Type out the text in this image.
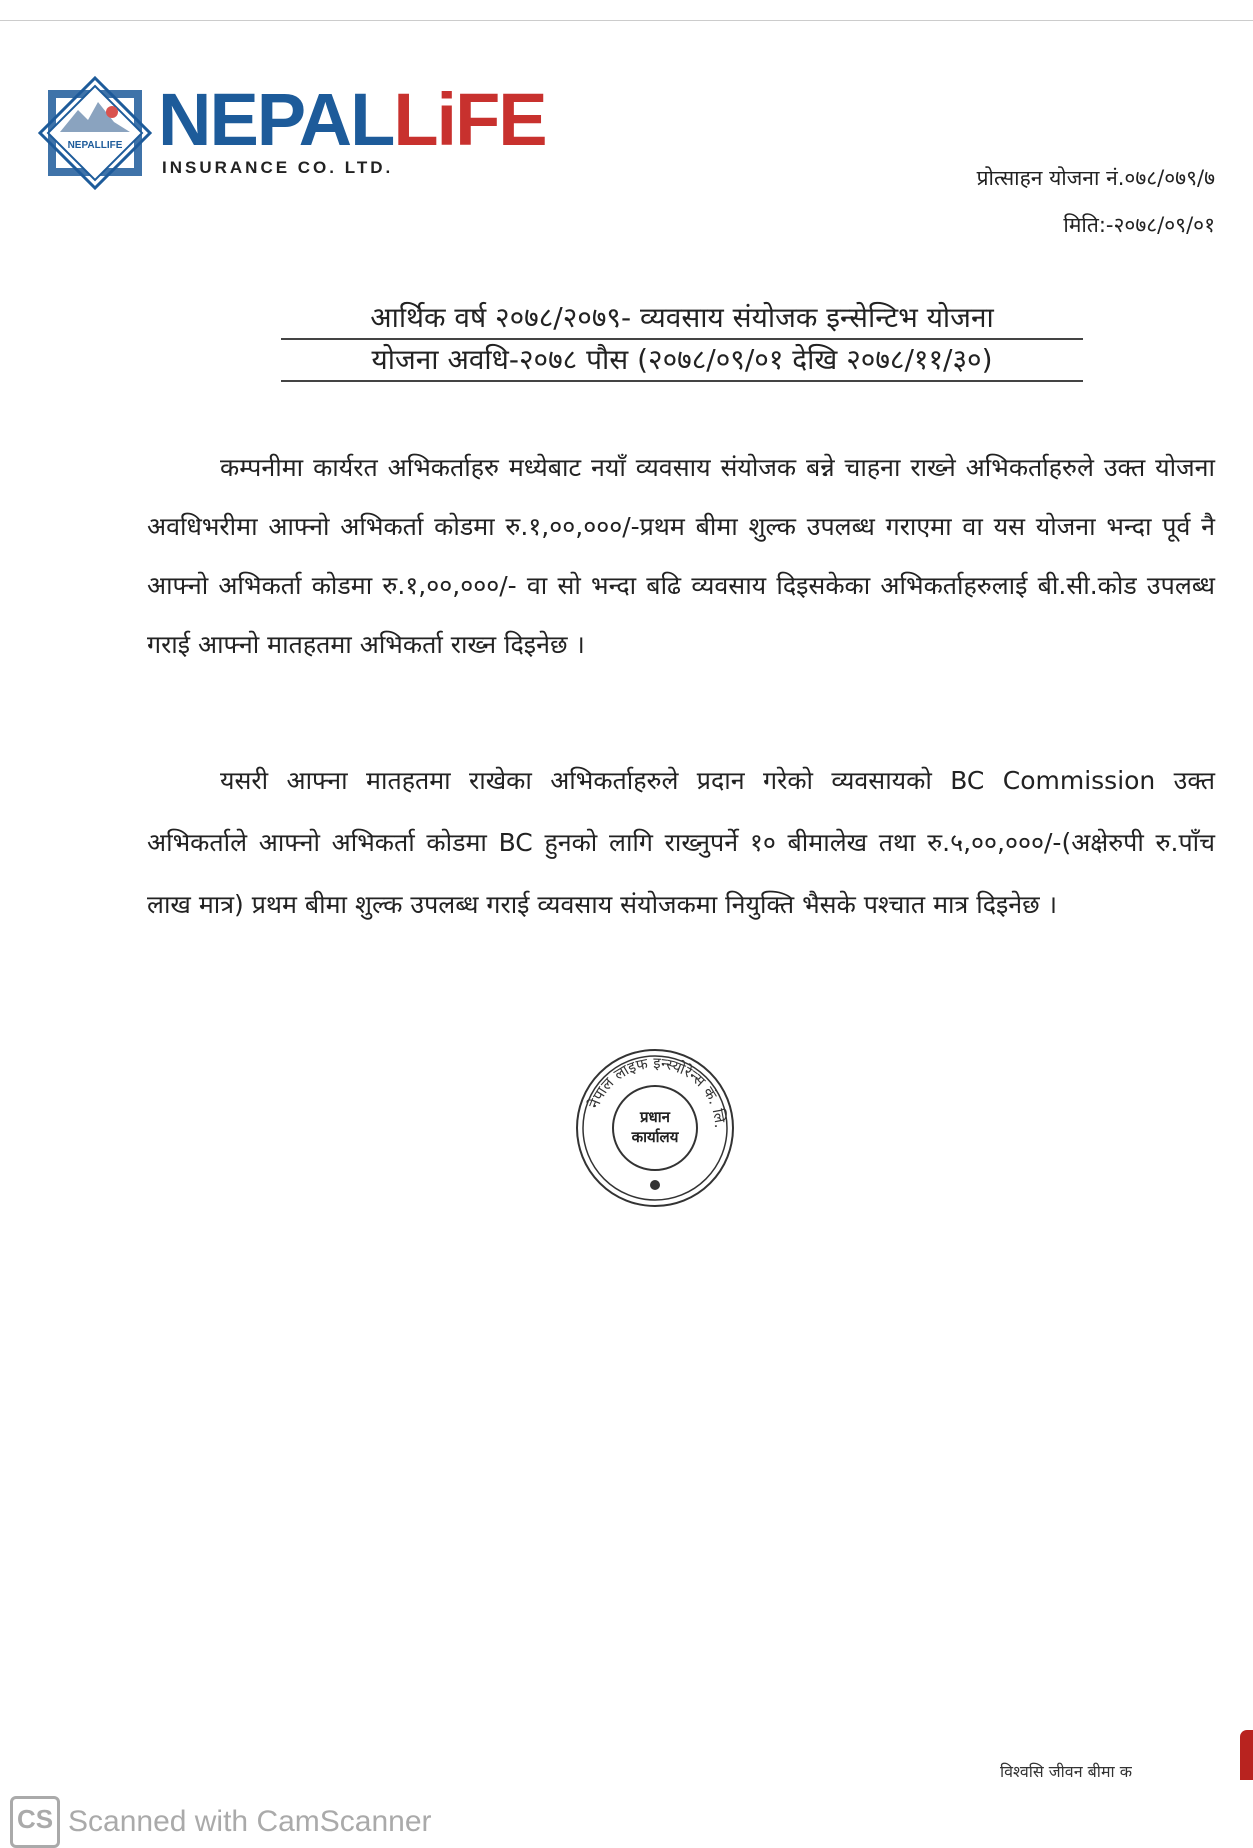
NEPALLIFE NEPALLiFE
INSURANCE CO. LTD.	प्रोत्साहन योजना नं.०७८/०७९/७
मिति:-२०७८/०९/०१
आर्थिक वर्ष २०७८/२०७९- व्यवसाय संयोजक इन्सेन्टिभ योजना
योजना अवधि-२०७८ पौस (२०७८/०९/०१ देखि २०७८/११/३०)
कम्पनीमा कार्यरत अभिकर्ताहरु मध्येबाट नयाँ व्यवसाय संयोजक बन्ने चाहना राख्ने अभिकर्ताहरुले उक्त योजना अवधिभरीमा आफ्नो अभिकर्ता कोडमा रु.१,००,०००/-प्रथम बीमा शुल्क उपलब्ध गराएमा वा यस योजना भन्दा पूर्व नै आफ्नो अभिकर्ता कोडमा रु.१,००,०००/- वा सो भन्दा बढि व्यवसाय दिइसकेका अभिकर्ताहरुलाई बी.सी.कोड उपलब्ध गराई आफ्नो मातहतमा अभिकर्ता राख्न दिइनेछ ।
यसरी आफ्ना मातहतमा राखेका अभिकर्ताहरुले प्रदान गरेको व्यवसायको BC Commission उक्त अभिकर्ताले आफ्नो अभिकर्ता कोडमा BC हुनको लागि राख्नुपर्ने १० बीमालेख तथा रु.५,००,०००/-(अक्षेरुपी रु.पाँच लाख मात्र) प्रथम बीमा शुल्क उपलब्ध गराई व्यवसाय संयोजकमा नियुक्ति भैसके पश्चात मात्र दिइनेछ ।
नेपाल लाइफ इन्स्योरेन्स कं. लि.
प्रधान
कार्यालय
विश्वसि जीवन बीमा क
CS Scanned with CamScanner
